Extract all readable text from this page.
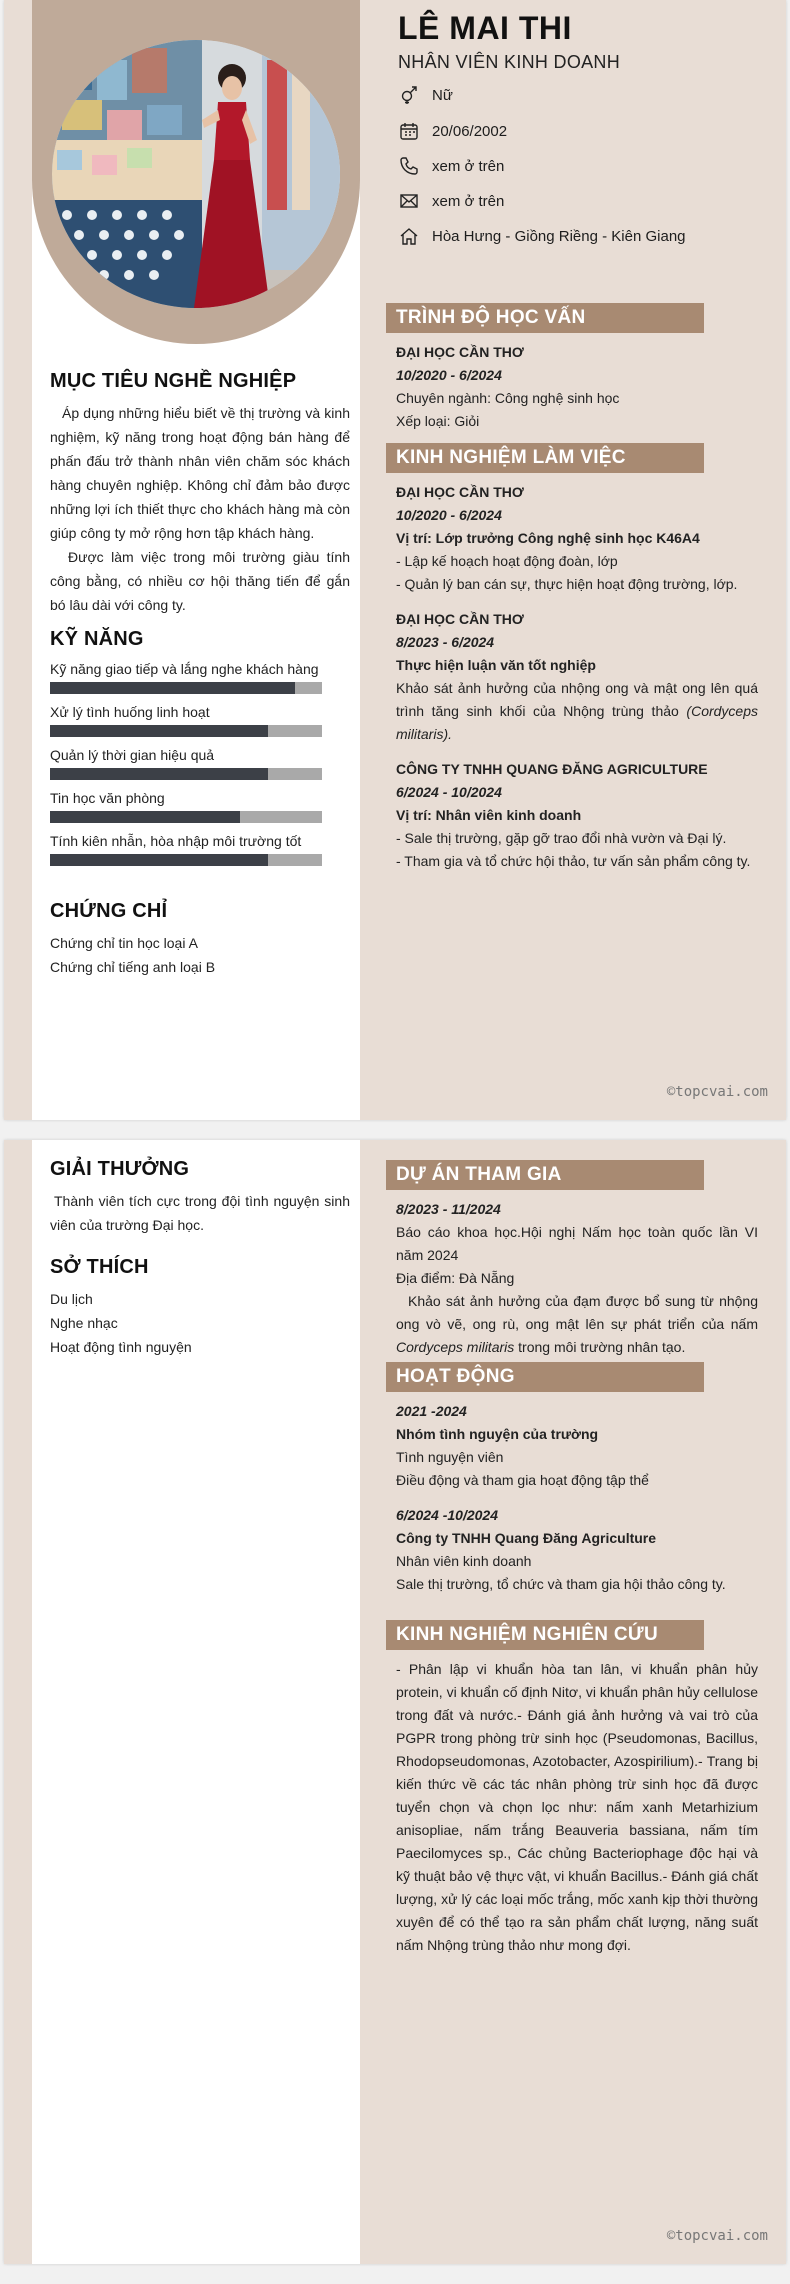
LÊ MAI THI
NHÂN VIÊN KINH DOANH
Nữ
20/06/2002
xem ở trên
xem ở trên
Hòa Hưng - Giồng Riềng - Kiên Giang
MỤC TIÊU NGHỀ NGHIỆP
Áp dụng những hiểu biết về thị trường và kinh nghiệm, kỹ năng trong hoạt động bán hàng để phấn đấu trở thành nhân viên chăm sóc khách hàng chuyên nghiệp. Không chỉ đảm bảo được những lợi ích thiết thực cho khách hàng mà còn giúp công ty mở rộng hơn tập khách hàng.
Được làm việc trong môi trường giàu tính công bằng, có nhiều cơ hội thăng tiến để gắn bó lâu dài với công ty.
KỸ NĂNG
Kỹ năng giao tiếp và lắng nghe khách hàng
Xử lý tình huống linh hoạt
Quản lý thời gian hiệu quả
Tin học văn phòng
Tính kiên nhẫn, hòa nhập môi trường tốt
CHỨNG CHỈ
Chứng chỉ tin học loại A
Chứng chỉ tiếng anh loại B
TRÌNH ĐỘ HỌC VẤN
ĐẠI HỌC CẦN THƠ
10/2020 - 6/2024
Chuyên ngành: Công nghệ sinh học
Xếp loại: Giỏi
KINH NGHIỆM LÀM VIỆC
ĐẠI HỌC CẦN THƠ
10/2020 - 6/2024
Vị trí: Lớp trưởng Công nghệ sinh học K46A4
- Lập kế hoạch hoạt động đoàn, lớp
- Quản lý ban cán sự, thực hiện hoạt động trường, lớp.
ĐẠI HỌC CẦN THƠ
8/2023 - 6/2024
Thực hiện luận văn tốt nghiệp
Khảo sát ảnh hưởng của nhộng ong và mật ong lên quá trình tăng sinh khối của Nhộng trùng thảo (Cordyceps militaris).
CÔNG TY TNHH QUANG ĐĂNG AGRICULTURE
6/2024 - 10/2024
Vị trí: Nhân viên kinh doanh
- Sale thị trường, gặp gỡ trao đổi nhà vườn và Đại lý.
- Tham gia và tổ chức hội thảo, tư vấn sản phẩm công ty.
©topcvai.com
GIẢI THƯỞNG
Thành viên tích cực trong đội tình nguyện sinh viên của trường Đại học.
SỞ THÍCH
Du lịch
Nghe nhạc
Hoạt động tình nguyện
DỰ ÁN THAM GIA
8/2023 - 11/2024
Báo cáo khoa học.Hội nghị Nấm học toàn quốc lần VI năm 2024
Địa điểm: Đà Nẵng
Khảo sát ảnh hưởng của đạm được bổ sung từ nhộng ong vò vẽ, ong rù, ong mật lên sự phát triển của nấm Cordyceps militaris trong môi trường nhân tạo.
HOẠT ĐỘNG
2021 -2024
Nhóm tình nguyện của trường
Tình nguyện viên
Điều động và tham gia hoạt động tập thể
6/2024 -10/2024
Công ty TNHH Quang Đăng Agriculture
Nhân viên kinh doanh
Sale thị trường, tổ chức và tham gia hội thảo công ty.
KINH NGHIỆM NGHIÊN CỨU
- Phân lập vi khuẩn hòa tan lân, vi khuẩn phân hủy protein, vi khuẩn cố định Nitơ, vi khuẩn phân hủy cellulose trong đất và nước.- Đánh giá ảnh hưởng và vai trò của PGPR trong phòng trừ sinh học (Pseudomonas, Bacillus, Rhodopseudomonas, Azotobacter, Azospirilium).- Trang bị kiến thức về các tác nhân phòng trừ sinh học đã được tuyển chọn và chọn lọc như: nấm xanh Metarhizium anisopliae, nấm trắng Beauveria bassiana, nấm tím Paecilomyces sp., Các chủng Bacteriophage độc hại và kỹ thuật bảo vệ thực vật, vi khuẩn Bacillus.- Đánh giá chất lượng, xử lý các loại mốc trắng, mốc xanh kịp thời thường xuyên để có thể tạo ra sản phẩm chất lượng, năng suất nấm Nhộng trùng thảo như mong đợi.
©topcvai.com
